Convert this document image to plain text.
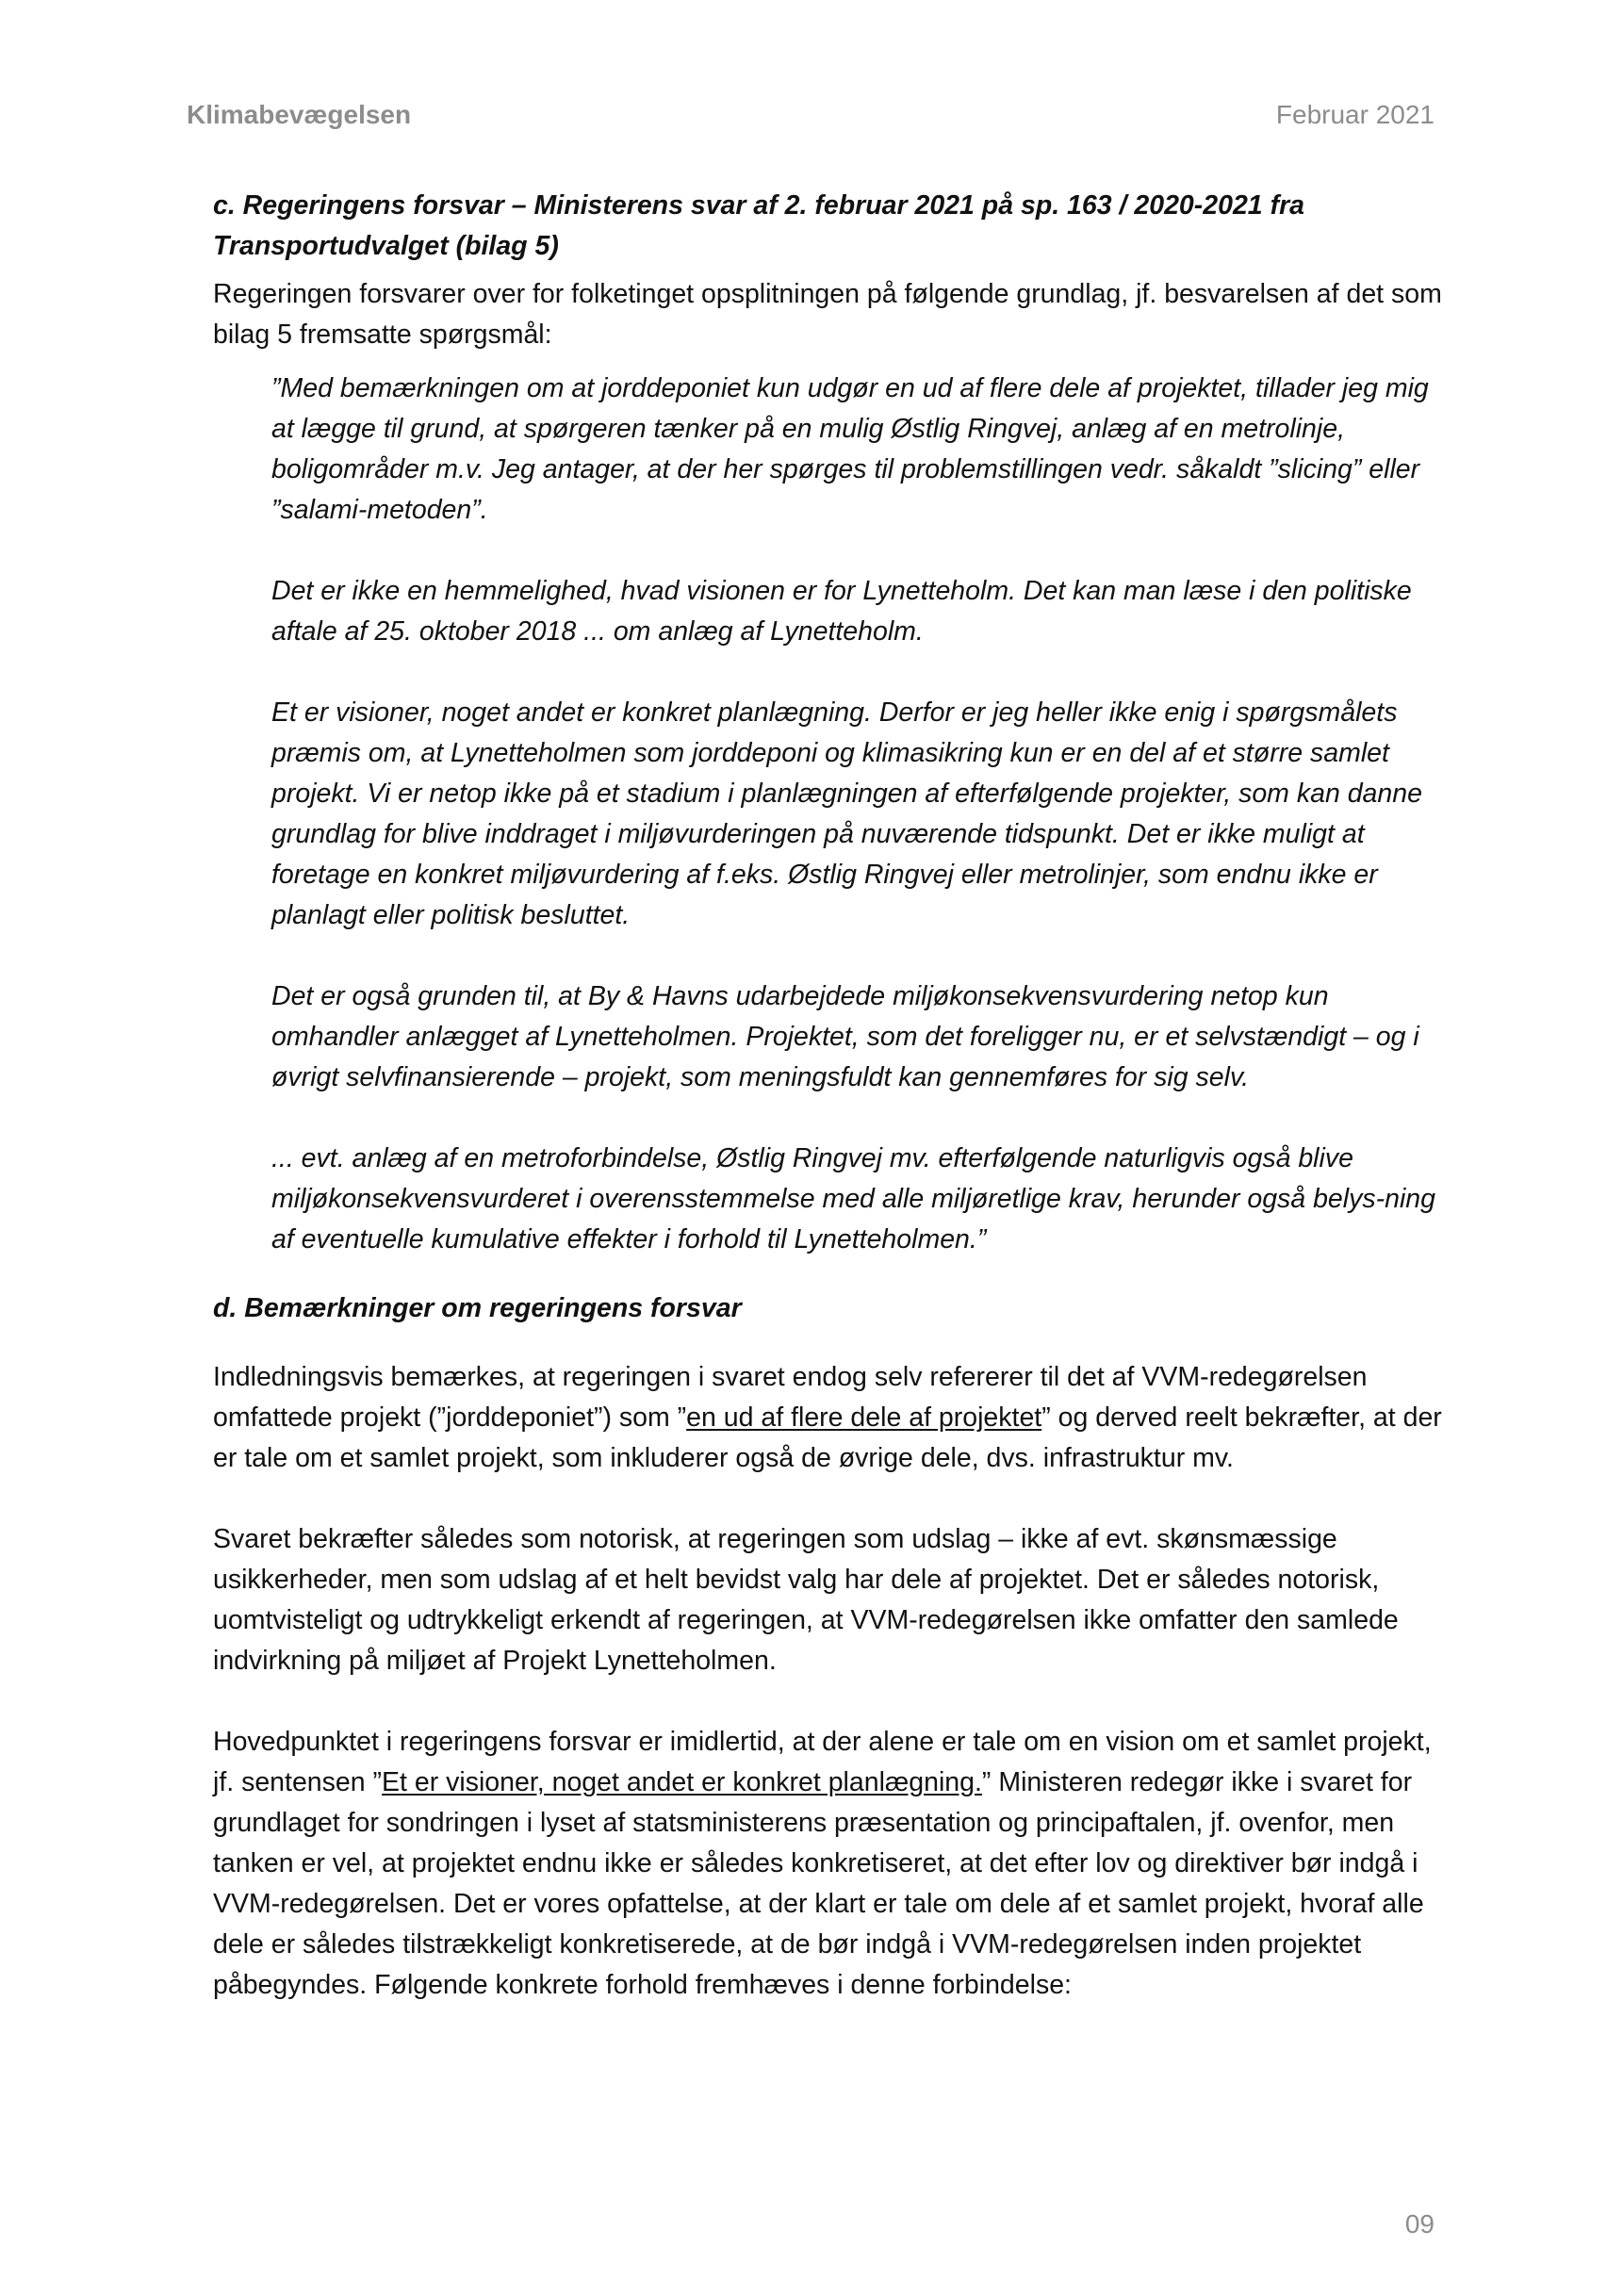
Klimabevægelsen	Februar 2021
c. Regeringens forsvar – Ministerens svar af 2. februar 2021 på sp. 163 / 2020-2021 fra Transportudvalget (bilag 5)

Regeringen forsvarer over for folketinget opsplitningen på følgende grundlag, jf. besvarelsen af det som bilag 5 fremsatte spørgsmål:

”Med bemærkningen om at jorddeponiet kun udgør en ud af flere dele af projektet, tillader jeg mig at lægge til grund, at spørgeren tænker på en mulig Østlig Ringvej, anlæg af en metrolinje, boligområder m.v. Jeg antager, at der her spørges til problemstillingen vedr. såkaldt ”slicing” eller ”salami-metoden”.

Det er ikke en hemmelighed, hvad visionen er for Lynetteholm. Det kan man læse i den politiske aftale af 25. oktober 2018 ... om anlæg af Lynetteholm.

Et er visioner, noget andet er konkret planlægning. Derfor er jeg heller ikke enig i spørgsmålets præmis om, at Lynetteholmen som jorddeponi og klimasikring kun er en del af et større samlet projekt. Vi er netop ikke på et stadium i planlægningen af efterfølgende projekter, som kan danne grundlag for blive inddraget i miljøvurderingen på nuværende tidspunkt. Det er ikke muligt at foretage en konkret miljøvurdering af f.eks. Østlig Ringvej eller metrolinjer, som endnu ikke er planlagt eller politisk besluttet.

Det er også grunden til, at By & Havns udarbejdede miljøkonsekvensvurdering netop kun omhandler anlægget af Lynetteholmen. Projektet, som det foreligger nu, er et selvstændigt – og i øvrigt selvfinansierende – projekt, som meningsfuldt kan gennemføres for sig selv.

... evt. anlæg af en metroforbindelse, Østlig Ringvej mv. efterfølgende naturligvis også blive miljøkonsekvensvurderet i overensstemmelse med alle miljøretlige krav, herunder også belys-ning af eventuelle kumulative effekter i forhold til Lynetteholmen.”

d. Bemærkninger om regeringens forsvar

Indledningsvis bemærkes, at regeringen i svaret endog selv refererer til det af VVM-redegørelsen omfattede projekt (”jorddeponiet”) som ”en ud af flere dele af projektet” og derved reelt bekræfter, at der er tale om et samlet projekt, som inkluderer også de øvrige dele, dvs. infrastruktur mv.

Svaret bekræfter således som notorisk, at regeringen som udslag – ikke af evt. skønsmæssige usikkerheder, men som udslag af et helt bevidst valg har dele af projektet. Det er således notorisk, uomtvisteligt og udtrykkeligt erkendt af regeringen, at VVM-redegørelsen ikke omfatter den samlede indvirkning på miljøet af Projekt Lynetteholmen.

Hovedpunktet i regeringens forsvar er imidlertid, at der alene er tale om en vision om et samlet projekt, jf. sentensen ”Et er visioner, noget andet er konkret planlægning.” Ministeren redegør ikke i svaret for grundlaget for sondringen i lyset af statsministerens præsentation og principaftalen, jf. ovenfor, men tanken er vel, at projektet endnu ikke er således konkretiseret, at det efter lov og direktiver bør indgå i VVM-redegørelsen. Det er vores opfattelse, at der klart er tale om dele af et samlet projekt, hvoraf alle dele er således tilstrækkeligt konkretiserede, at de bør indgå i VVM-redegørelsen inden projektet påbegyndes. Følgende konkrete forhold fremhæves i denne forbindelse:

09
